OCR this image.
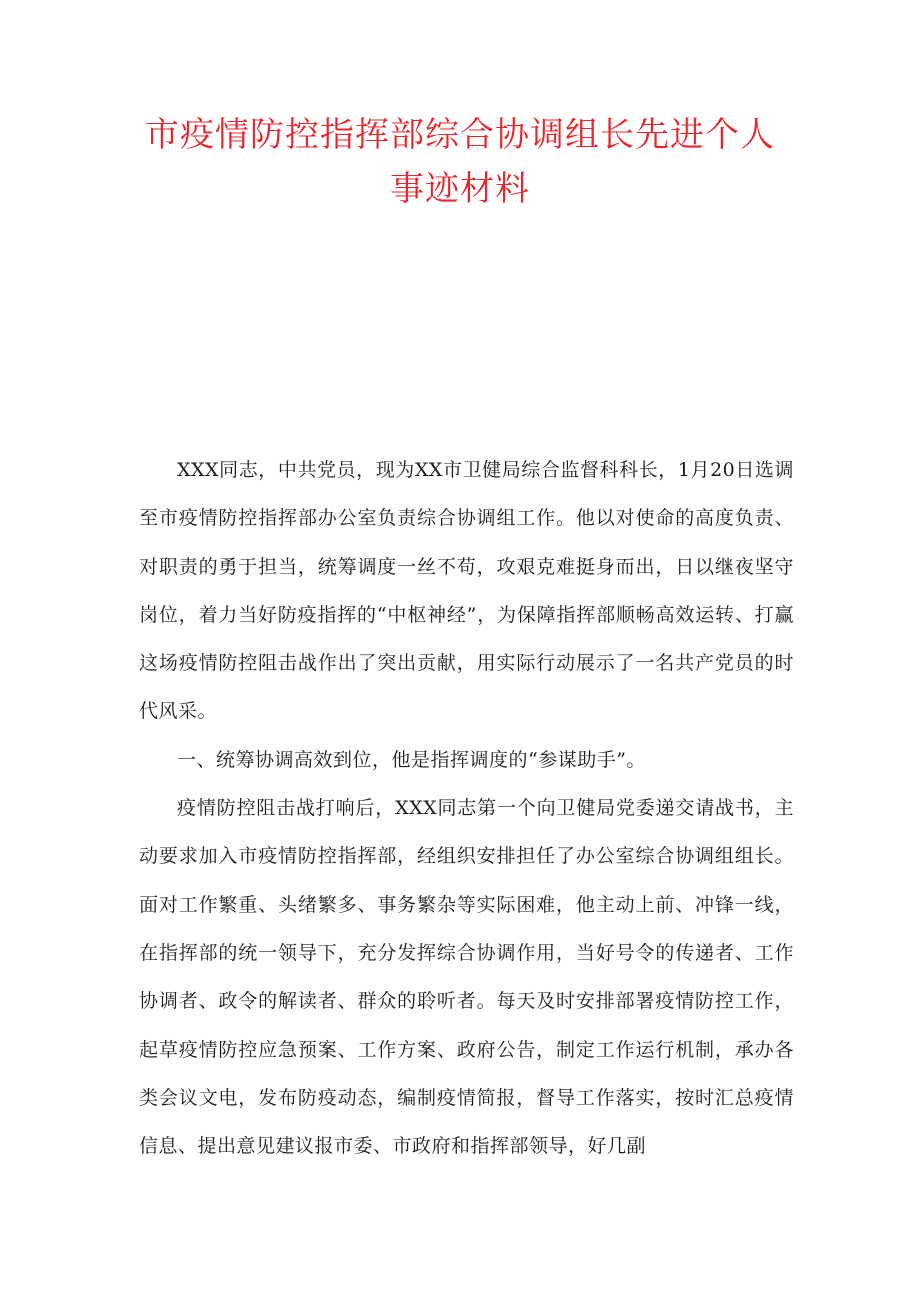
市疫情防控指挥部综合协调组长先进个人
事迹材料

XXX同志，中共党员，现为XX市卫健局综合监督科科长，1月20日选调至市疫情防控指挥部办公室负责综合协调组工作。他以对使命的高度负责、对职责的勇于担当，统筹调度一丝不苟，攻艰克难挺身而出，日以继夜坚守岗位，着力当好防疫指挥的“中枢神经”，为保障指挥部顺畅高效运转、打赢这场疫情防控阻击战作出了突出贡献，用实际行动展示了一名共产党员的时代风采。

一、统筹协调高效到位，他是指挥调度的“参谋助手”。

疫情防控阻击战打响后，XXX同志第一个向卫健局党委递交请战书，主动要求加入市疫情防控指挥部，经组织安排担任了办公室综合协调组组长。面对工作繁重、头绪繁多、事务繁杂等实际困难，他主动上前、冲锋一线，在指挥部的统一领导下，充分发挥综合协调作用，当好号令的传递者、工作协调者、政令的解读者、群众的聆听者。每天及时安排部署疫情防控工作，起草疫情防控应急预案、工作方案、政府公告，制定工作运行机制，承办各类会议文电，发布防疫动态，编制疫情简报，督导工作落实，按时汇总疫情信息、提出意见建议报市委、市政府和指挥部领导，好几副
